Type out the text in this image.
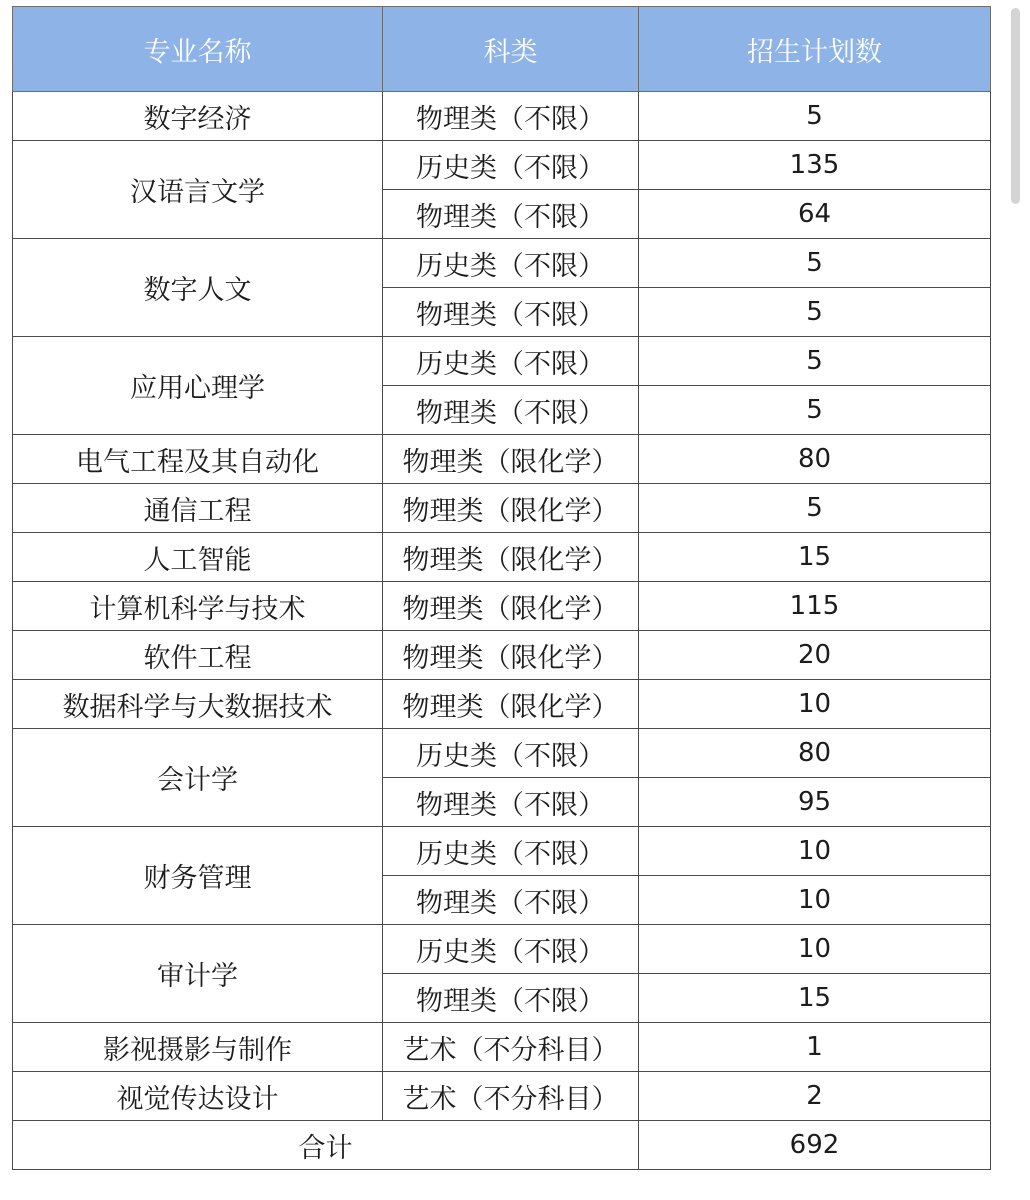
专业名称	科类	招生计划数
数字经济	物理类（不限）	5
汉语言文学	历史类（不限）	135
	物理类（不限）	64
数字人文	历史类（不限）	5
	物理类（不限）	5
应用心理学	历史类（不限）	5
	物理类（不限）	5
电气工程及其自动化	物理类（限化学）	80
通信工程	物理类（限化学）	5
人工智能	物理类（限化学）	15
计算机科学与技术	物理类（限化学）	115
软件工程	物理类（限化学）	20
数据科学与大数据技术	物理类（限化学）	10
会计学	历史类（不限）	80
	物理类（不限）	95
财务管理	历史类（不限）	10
	物理类（不限）	10
审计学	历史类（不限）	10
	物理类（不限）	15
影视摄影与制作	艺术（不分科目）	1
视觉传达设计	艺术（不分科目）	2
合计		692
